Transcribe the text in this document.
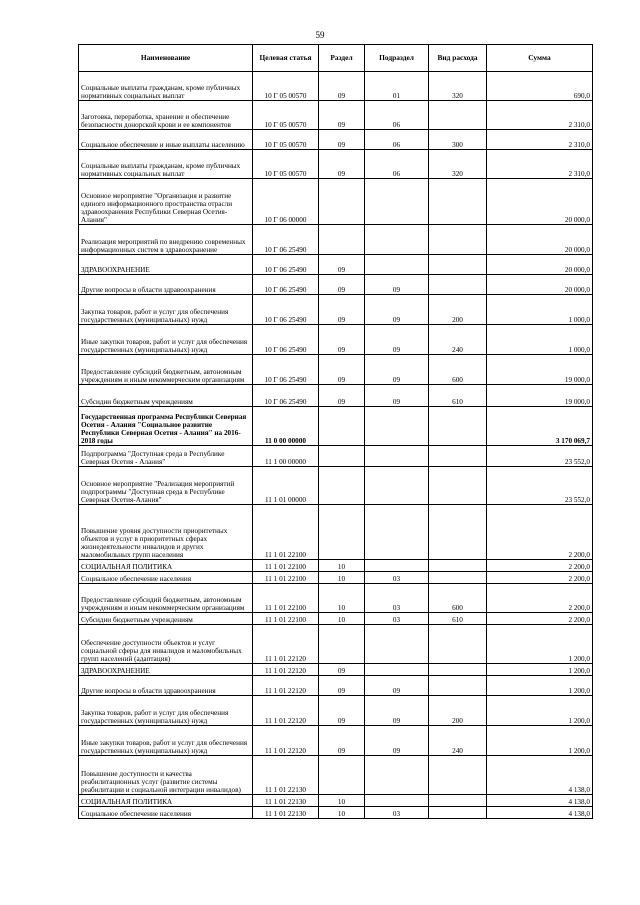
59
Наименование	Целевая статья	Раздел	Подраздел	Вид расхода	Сумма
Социальные выплаты гражданам, кроме публичных нормативных социальных выплат	10 Г 05 00570	09	01	320	690,0
Заготовка, переработка, хранение и обеспечение безопасности донорской крови и ее компонентов	10 Г 05 00570	09	06		2 310,0
Социальное обеспечение и иные выплаты населению	10 Г 05 00570	09	06	300	2 310,0
Социальные выплаты гражданам, кроме публичных нормативных социальных выплат	10 Г 05 00570	09	06	320	2 310,0
Основное мероприятие "Организация и развитие единого информационного пространства отрасли здравоохранения Республики Северная Осетия-Алания"	10 Г 06 00000				20 000,0
Реализация мероприятий по внедрению современных информационных систем в здравоохранение	10 Г 06 25490				20 000,0
ЗДРАВООХРАНЕНИЕ	10 Г 06 25490	09			20 000,0
Другие вопросы в области здравоохранения	10 Г 06 25490	09	09		20 000,0
Закупка товаров, работ и услуг для обеспечения государственных (муниципальных) нужд	10 Г 06 25490	09	09	200	1 000,0
Иные закупки товаров, работ и услуг для обеспечения государственных (муниципальных) нужд	10 Г 06 25490	09	09	240	1 000,0
Предоставление субсидий бюджетным, автономным учреждениям и иным некоммерческим организациям	10 Г 06 25490	09	09	600	19 000,0
Субсидии бюджетным учреждениям	10 Г 06 25490	09	09	610	19 000,0
Государственная программа Республики Северная Осетия - Алания "Социальное развитие Республики Северная Осетия - Алания" на 2016-2018 годы	11 0 00 00000				3 170 069,7
Подпрограмма "Доступная среда в Республике Северная Осетия - Алания"	11 1 00 00000				23 552,0
Основное мероприятие "Реализация мероприятий подпрограммы "Доступная среда в Республике Северная Осетия-Алания"	11 1 01 00000				23 552,0
Повышение уровня доступности приоритетных объектов и услуг в приоритетных сферах жизнедеятельности инвалидов и других маломобильных групп населения	11 1 01 22100				2 200,0
СОЦИАЛЬНАЯ ПОЛИТИКА	11 1 01 22100	10			2 200,0
Социальное обеспечение населения	11 1 01 22100	10	03		2 200,0
Предоставление субсидий бюджетным, автономным учреждениям и иным некоммерческим организациям	11 1 01 22100	10	03	600	2 200,0
Субсидии бюджетным учреждениям	11 1 01 22100	10	03	610	2 200,0
Обеспечение доступности объектов и услуг социальной сферы для инвалидов и маломобильных групп населений (адаптация)	11 1 01 22120				1 200,0
ЗДРАВООХРАНЕНИЕ	11 1 01 22120	09			1 200,0
Другие вопросы в области здравоохранения	11 1 01 22120	09	09		1 200,0
Закупка товаров, работ и услуг для обеспечения государственных (муниципальных) нужд	11 1 01 22120	09	09	200	1 200,0
Иные закупки товаров, работ и услуг для обеспечения государственных (муниципальных) нужд	11 1 01 22120	09	09	240	1 200,0
Повышение доступности и качества реабилитационных услуг (развитие системы реабилитации и социальной интеграции инвалидов)	11 1 01 22130				4 138,0
СОЦИАЛЬНАЯ ПОЛИТИКА	11 1 01 22130	10			4 138,0
Социальное обеспечение населения	11 1 01 22130	10	03		4 138,0
